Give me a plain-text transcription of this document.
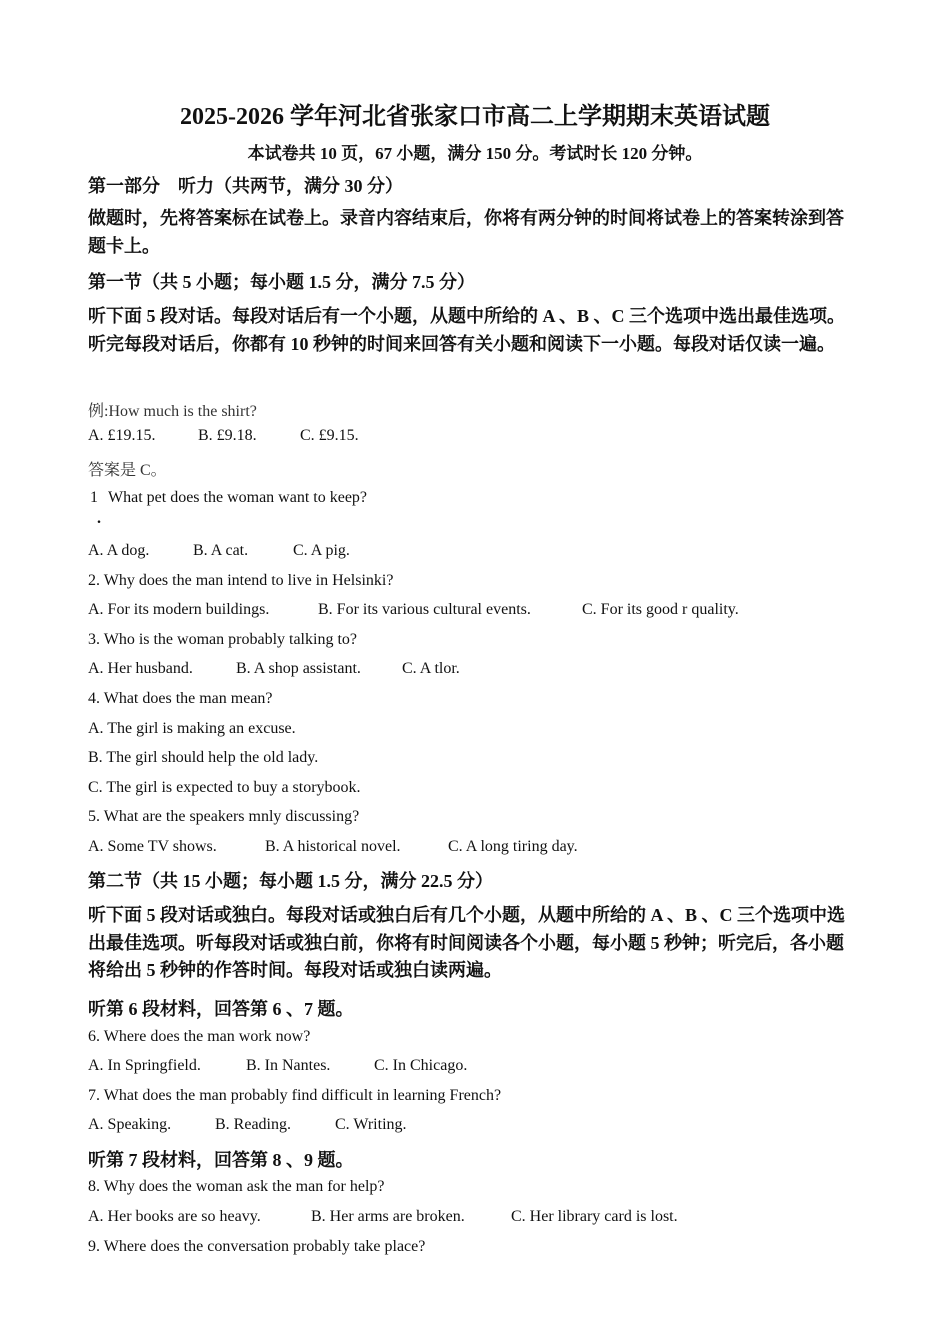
2025-2026 学年河北省张家口市高二上学期期末英语试题
本试卷共 10 页，67 小题，满分 150 分。考试时长 120 分钟。
第一部分　听力（共两节，满分 30 分）
做题时，先将答案标在试卷上。录音内容结束后，你将有两分钟的时间将试卷上的答案转涂到答题卡上。
第一节（共 5 小题；每小题 1.5 分，满分 7.5 分）
听下面 5 段对话。每段对话后有一个小题，从题中所给的 A 、B 、C 三个选项中选出最佳选项。听完每段对话后，你都有 10 秒钟的时间来回答有关小题和阅读下一小题。每段对话仅读一遍。
例:How much is the shirt?
A. £19.15.	B. £9.18.	C. £9.15.
答案是 C。
1
.
What pet does the woman want to keep?
A. A dog.	B. A cat.	C. A pig.
2. Why does the man intend to live in Helsinki?
A. For its modern buildings.	B. For its various cultural events.	C. For its good r quality.
3. Who is the woman probably talking to?
A. Her husband.	B. A shop assistant.	C. A tlor.
4. What does the man mean?
A. The girl is making an excuse.
B. The girl should help the old lady.
C. The girl is expected to buy a storybook.
5. What are the speakers mnly discussing?
A. Some TV shows.	B. A historical novel.	C. A long tiring day.
第二节（共 15 小题；每小题 1.5 分，满分 22.5 分）
听下面 5 段对话或独白。每段对话或独白后有几个小题，从题中所给的 A 、B 、C 三个选项中选出最佳选项。听每段对话或独白前，你将有时间阅读各个小题，每小题 5 秒钟；听完后，各小题将给出 5 秒钟的作答时间。每段对话或独白读两遍。
听第 6 段材料，回答第 6 、7 题。
6. Where does the man work now?
A. In Springfield.	B. In Nantes.	C. In Chicago.
7. What does the man probably find difficult in learning French?
A. Speaking.	B. Reading.	C. Writing.
听第 7 段材料，回答第 8 、9 题。
8. Why does the woman ask the man for help?
A. Her books are so heavy.	B. Her arms are broken.	C. Her library card is lost.
9. Where does the conversation probably take place?
